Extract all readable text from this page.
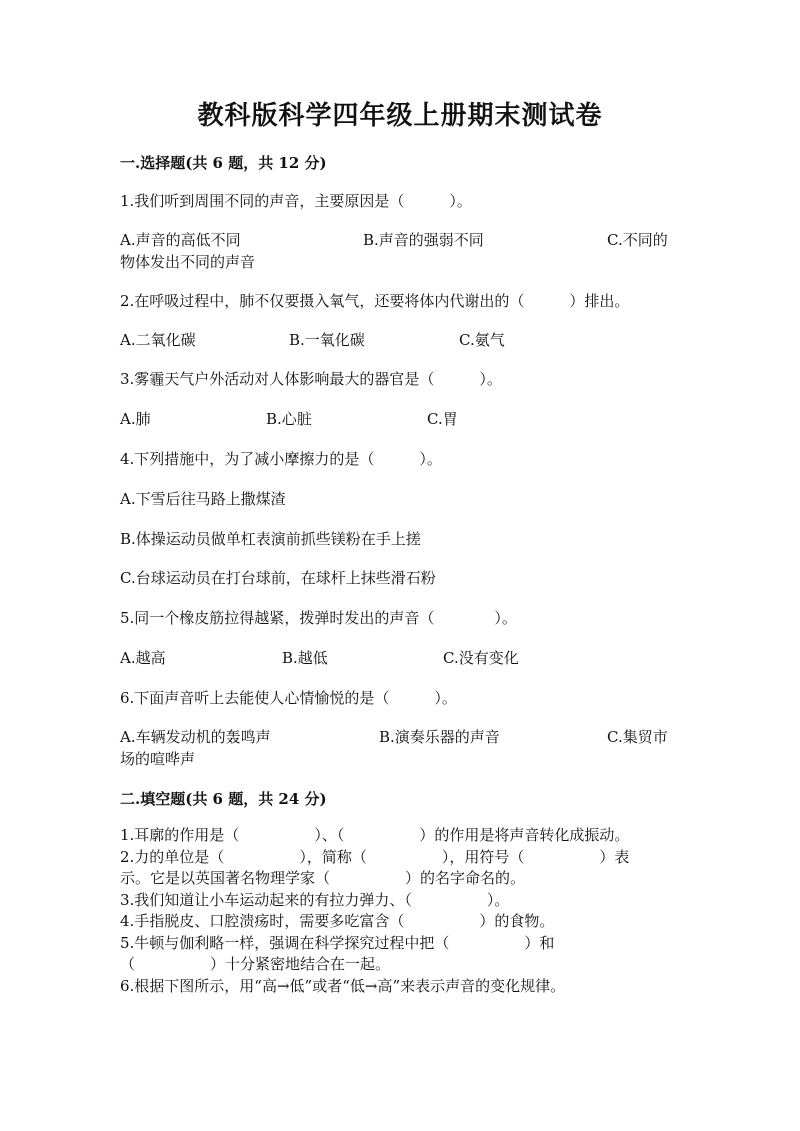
教科版科学四年级上册期末测试卷
一.选择题(共 6 题，共 12 分)
1.我们听到周围不同的声音，主要原因是（　　　）。
A.声音的高低不同	B.声音的强弱不同	C.不同的
物体发出不同的声音
2.在呼吸过程中，肺不仅要摄入氧气，还要将体内代谢出的（　　　）排出。
A.二氧化碳	B.一氧化碳	C.氨气
3.雾霾天气户外活动对人体影响最大的器官是（　　　）。
A.肺	B.心脏	C.胃
4.下列措施中，为了减小摩擦力的是（　　　）。
A.下雪后往马路上撒煤渣
B.体操运动员做单杠表演前抓些镁粉在手上搓
C.台球运动员在打台球前，在球杆上抹些滑石粉
5.同一个橡皮筋拉得越紧，拨弹时发出的声音（　　　　）。
A.越高	B.越低	C.没有变化
6.下面声音听上去能使人心情愉悦的是（　　　）。
A.车辆发动机的轰鸣声	B.演奏乐器的声音	C.集贸市
场的喧哗声
二.填空题(共 6 题，共 24 分)
1.耳廓的作用是（　　　　　）、（　　　　　）的作用是将声音转化成振动。
2.力的单位是（　　　　　），简称（　　　　　），用符号（　　　　　）表
示。它是以英国著名物理学家（　　　　　）的名字命名的。
3.我们知道让小车运动起来的有拉力弹力、（　　　　　）。
4.手指脱皮、口腔溃疡时，需要多吃富含（　　　　　）的食物。
5.牛顿与伽利略一样，强调在科学探究过程中把（　　　　　）和
（　　　　　）十分紧密地结合在一起。
6.根据下图所示，用“高→低”或者“低→高”来表示声音的变化规律。
